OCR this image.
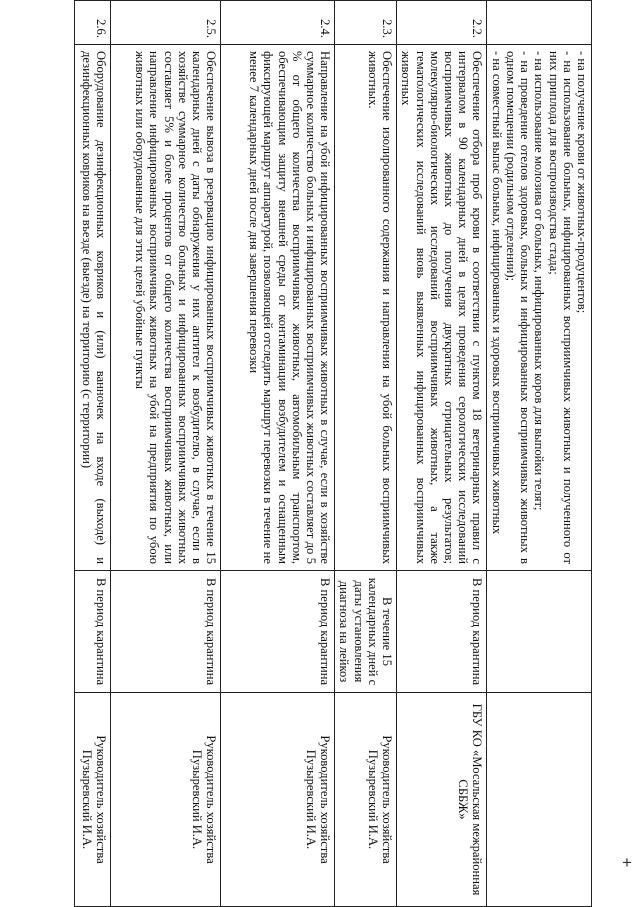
	- на получение крови от животных-продуцентов;

- на использование больных, инфицированных восприимчивых животных и полученного от них приплода для воспроизводства стада;

- на использование молозива от больных, инфицированных коров для выпойки телят;

- на проведение отелов здоровых, больных и инфицированных восприимчивых животных в одном помещении (родильном отделении);

- на совместный выпас больных, инфицированных и здоровых восприимчивых животных		

2.2.	Обеспечение отбора проб крови в соответствии с пунктом 18 ветеринарных правил с интервалом в 90 календарных дней в целях проведения серологических исследований восприимчивых животных до получения двукратных отрицательных результатов; молекулярно-биологических исследований восприимчивых животных, а также гематологических исследований вновь выявленных инфицированных восприимчивых животных	В период карантина	ГБУ КО «Мосальская межрайонная СББЖ»
2.3.	Обеспечение изолированного содержания и направления на убой больных восприимчивых животных.	В течение 15 календарных дней с даты установления диагноза на лейкоз	Руководитель хозяйства Пузыревский И.А.
2.4.	Направление на убой инфицированных восприимчивых животных в случае, если в хозяйстве суммарное количество больных и инфицированных восприимчивых животных составляет до 5 % от общего количества восприимчивых животных, автомобильным транспортом, обеспечивающим защиту внешней среды от контаминации возбудителем и оснащенным фиксирующей маршрут аппаратурой, позволяющей отследить маршрут перевозки в течение не менее 7 календарных дней после дня завершения перевозки	В период карантина	Руководитель хозяйства Пузыревский И.А.
2.5.	Обеспечение вывоза в резервацию инфицированных восприимчивых животных в течение 15 календарных дней с даты обнаружения у них антител к возбудителю, в случае, если в хозяйстве суммарное количество больных и инфицированных восприимчивых животных составляет 5% и более процентов от общего количества восприимчивых животных, или направление инфицированных восприимчивых животных на убой на предприятия по убою животных или оборудованные для этих целей убойные пункты	В период карантина	Руководитель хозяйства Пузыревский И.А.
2.6.	Оборудование дезинфекционных ковриков и (или) ванночек на входе (выходе) и дезинфекционных ковриков на въезде (выезде) на территорию (с территории)	В период карантина	Руководитель хозяйства Пузыревский И.А.
+
